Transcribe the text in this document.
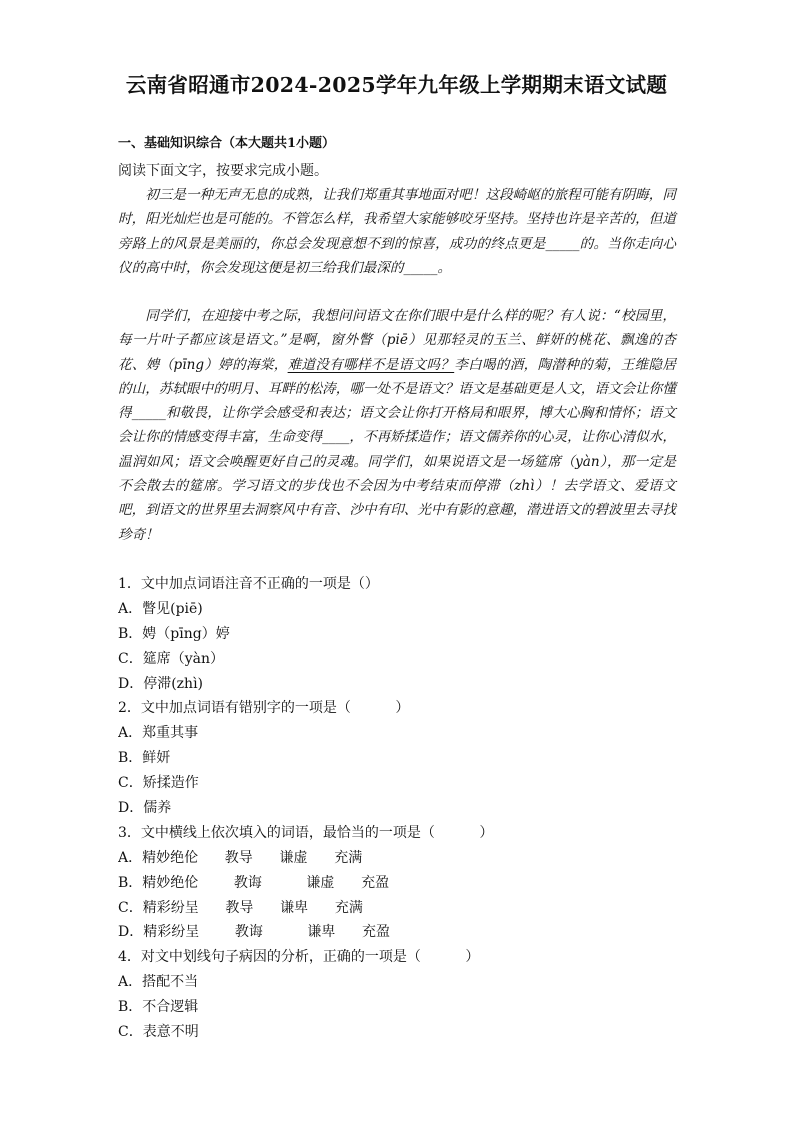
云南省昭通市2024-2025学年九年级上学期期末语文试题

一、基础知识综合（本大题共1小题）

阅读下面文字，按要求完成小题。

初三是一种无声无息的成熟，让我们郑重其事地面对吧！这段崎岖的旅程可能有阴晦，同时，阳光灿烂也是可能的。不管怎么样，我希望大家能够咬牙坚持。坚持也许是辛苦的，但道旁路上的风景是美丽的，你总会发现意想不到的惊喜，成功的终点更是_____的。当你走向心仪的高中时，你会发现这便是初三给我们最深的_____。

同学们，在迎接中考之际，我想问问语文在你们眼中是什么样的呢？有人说：“校园里，每一片叶子都应该是语文。”是啊，窗外瞥（piē）见那轻灵的玉兰、鲜妍的桃花、飘逸的杏花、娉（pīng）婷的海棠，难道没有哪样不是语文吗？李白喝的酒，陶潜种的菊，王维隐居的山，苏轼眼中的明月、耳畔的松涛，哪一处不是语文？语文是基础更是人文，语文会让你懂得_____和敬畏，让你学会感受和表达；语文会让你打开格局和眼界，博大心胸和情怀；语文会让你的情感变得丰富，生命变得____，不再矫揉造作；语文儒养你的心灵，让你心清似水，温润如风；语文会唤醒更好自己的灵魂。同学们，如果说语文是一场筵席（yàn），那一定是不会散去的筵席。学习语文的步伐也不会因为中考结束而停滞（zhì）！去学语文、爱语文吧，到语文的世界里去洞察风中有音、沙中有印、光中有影的意趣，潜进语文的碧波里去寻找珍奇！

1．文中加点词语注音不正确的一项是（）
A．瞥见(piē)
B．娉（pīng）婷
C．筵席（yàn）
D．停滞(zhì)
2．文中加点词语有错别字的一项是（          ）
A．郑重其事
B．鲜妍
C．矫揉造作
D．儒养
3．文中横线上依次填入的词语，最恰当的一项是（          ）
A．精妙绝伦      教导      谦虚      充满
B．精妙绝伦        教诲          谦虚      充盈
C．精彩纷呈      教导      谦卑      充满
D．精彩纷呈        教诲          谦卑      充盈
4．对文中划线句子病因的分析，正确的一项是（          ）
A．搭配不当
B．不合逻辑
C．表意不明
